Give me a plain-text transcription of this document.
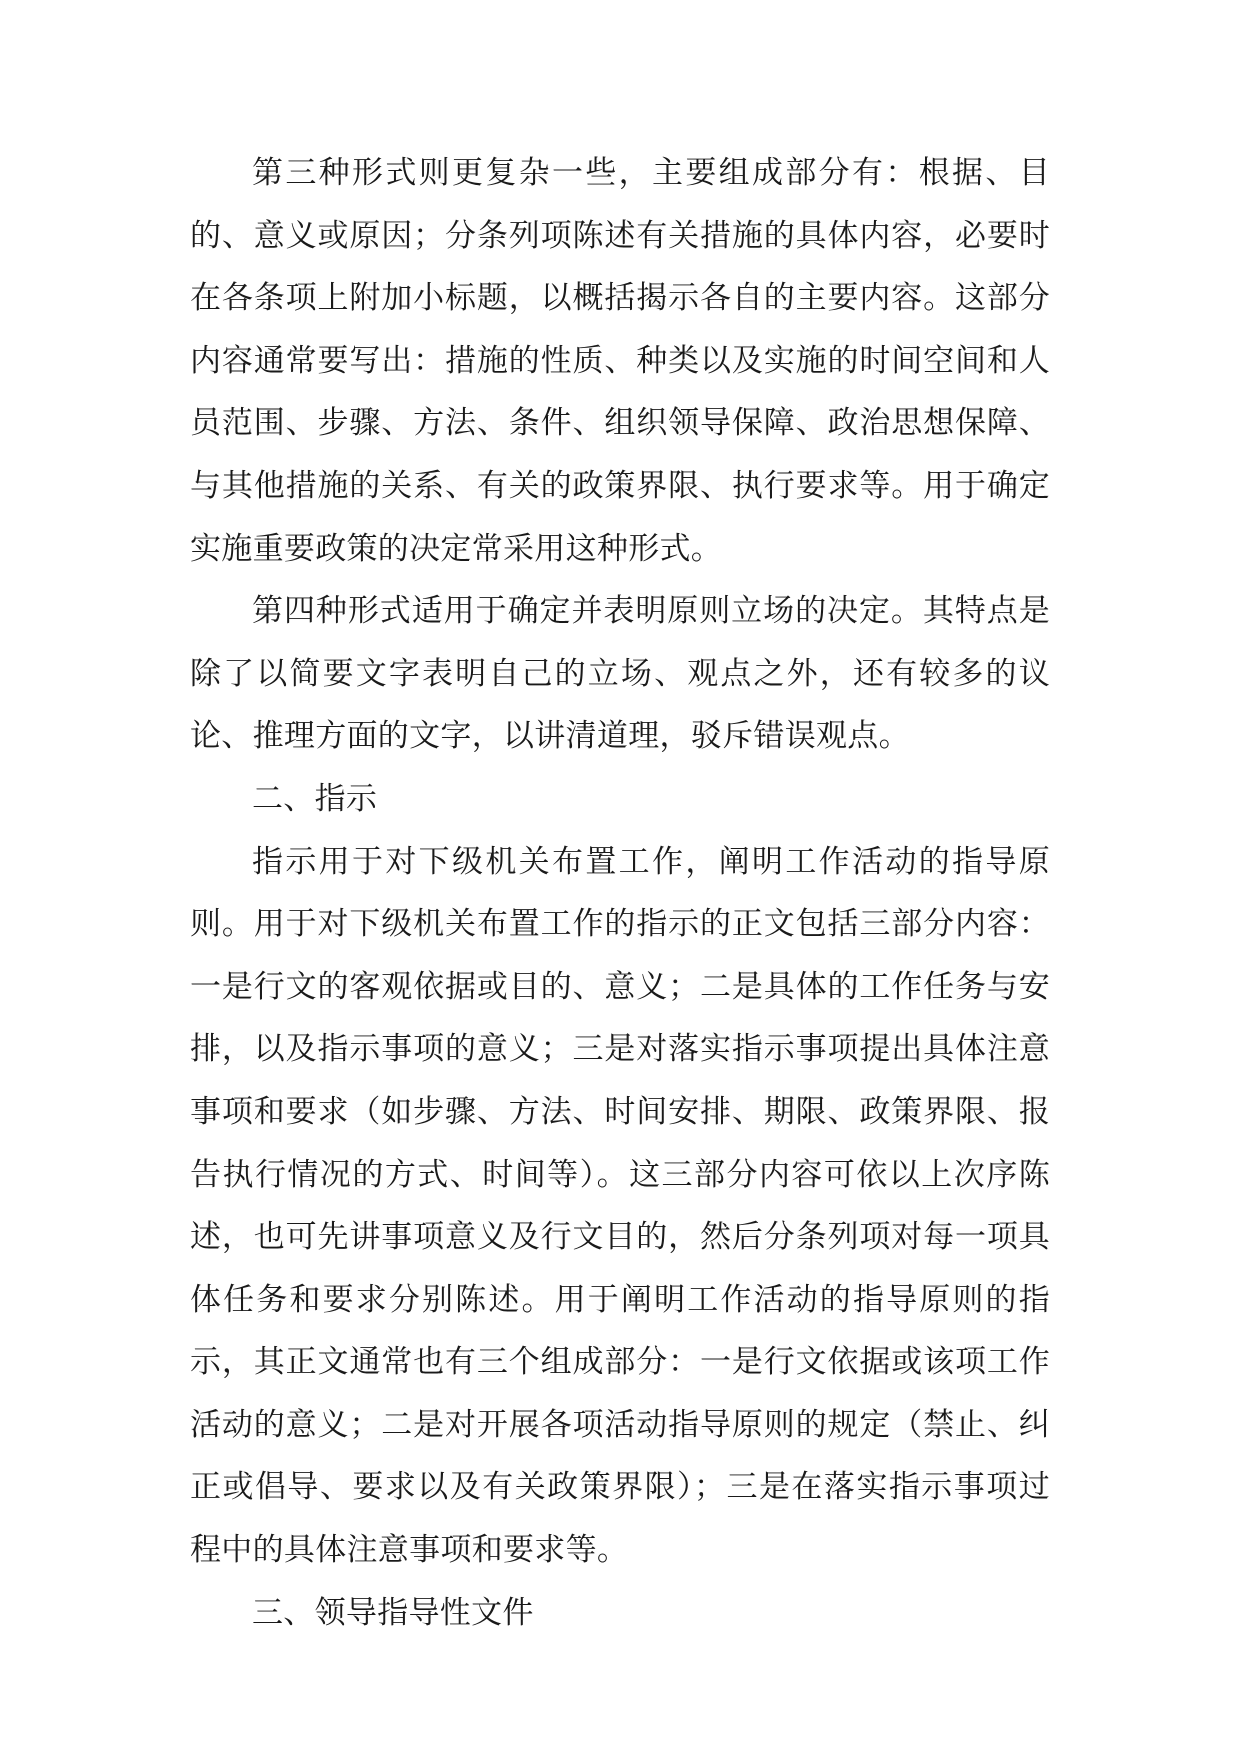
第三种形式则更复杂一些，主要组成部分有：根据、目的、意义或原因；分条列项陈述有关措施的具体内容，必要时在各条项上附加小标题，以概括揭示各自的主要内容。这部分内容通常要写出：措施的性质、种类以及实施的时间空间和人员范围、步骤、方法、条件、组织领导保障、政治思想保障、与其他措施的关系、有关的政策界限、执行要求等。用于确定实施重要政策的决定常采用这种形式。

第四种形式适用于确定并表明原则立场的决定。其特点是除了以简要文字表明自己的立场、观点之外，还有较多的议论、推理方面的文字，以讲清道理，驳斥错误观点。

二、指示

指示用于对下级机关布置工作，阐明工作活动的指导原则。用于对下级机关布置工作的指示的正文包括三部分内容：一是行文的客观依据或目的、意义；二是具体的工作任务与安排，以及指示事项的意义；三是对落实指示事项提出具体注意事项和要求（如步骤、方法、时间安排、期限、政策界限、报告执行情况的方式、时间等）。这三部分内容可依以上次序陈述，也可先讲事项意义及行文目的，然后分条列项对每一项具体任务和要求分别陈述。用于阐明工作活动的指导原则的指示，其正文通常也有三个组成部分：一是行文依据或该项工作活动的意义；二是对开展各项活动指导原则的规定（禁止、纠正或倡导、要求以及有关政策界限）；三是在落实指示事项过程中的具体注意事项和要求等。

三、领导指导性文件
